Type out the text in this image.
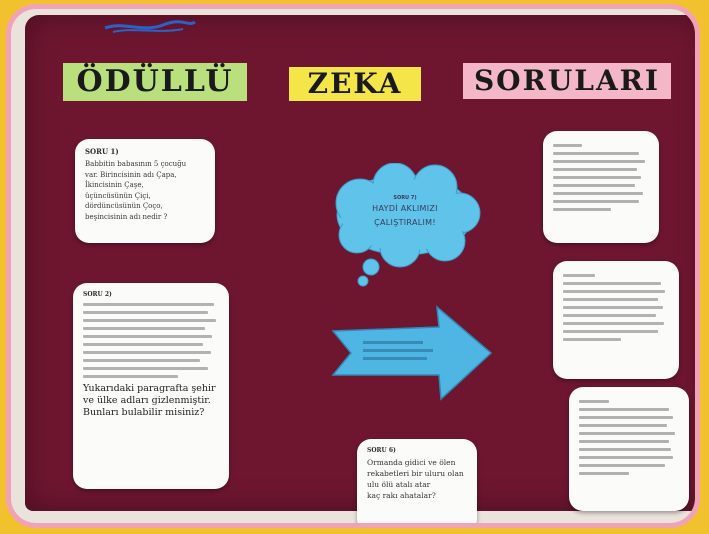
ÖDÜLLÜ	ZEKA	SORULARI
SORU 1)
Babbitin babasının 5 çocuğu
var. Birincisinin adı Çapa,
İkincisinin Çaşe,
üçüncüsünün Çiçi,
dördüncüsünün Çoço,
beşincisinin adı nedir ?
SORU 2)
Yukarıdaki paragrafta şehir
ve ülke adları gizlenmiştir.
Bunları bulabilir misiniz?
SORU 6)
Ormanda gidici ve ölen
rekabetleri bir uluru olan
ulu ölü atalı atar
kaç rakı ahatalar?
SORU 7)
HAYDİ AKLIMIZI
ÇALIŞTIRALIM!
